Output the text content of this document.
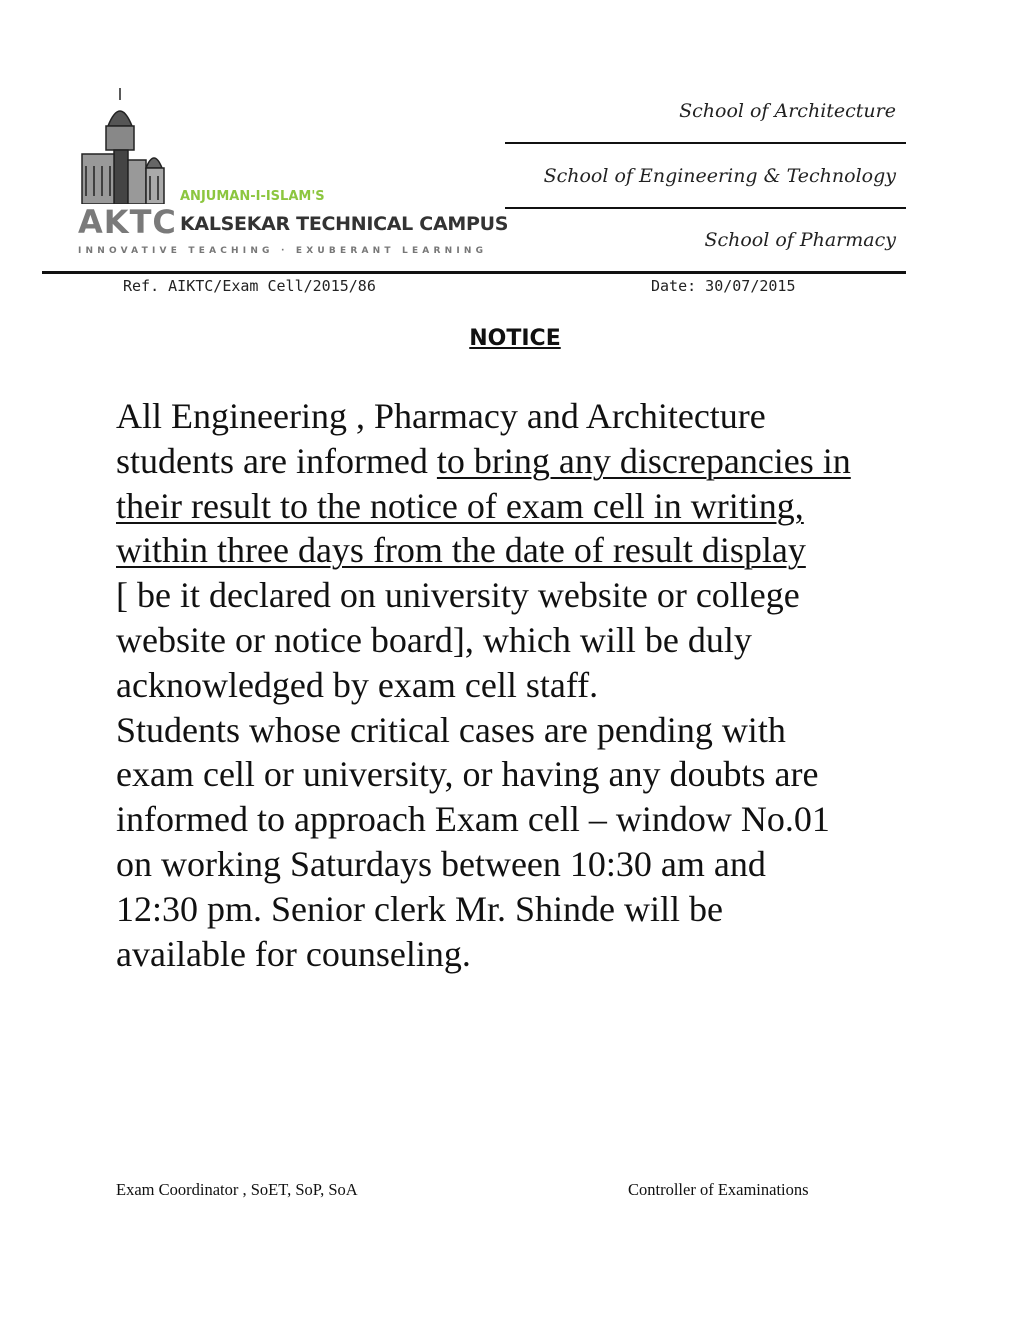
ANJUMAN-I-ISLAM'S
AKTC KALSEKAR TECHNICAL CAMPUS
INNOVATIVE TEACHING · EXUBERANT LEARNING
School of Architecture
School of Engineering & Technology
School of Pharmacy
Ref. AIKTC/Exam Cell/2015/86	Date: 30/07/2015
NOTICE
All Engineering , Pharmacy and Architecture
students are informed to bring any discrepancies in
their result to the notice of exam cell in writing,
within three days from the date of result display
[ be it declared on university website or college
website or notice board], which will be duly
acknowledged by exam cell staff.
Students whose critical cases are pending with
exam cell or university, or having any doubts are
informed to approach Exam cell – window No.01
on working Saturdays between 10:30 am and
12:30 pm. Senior clerk Mr. Shinde will be
available for counseling.
Exam Coordinator , SoET, SoP, SoA	Controller of Examinations
